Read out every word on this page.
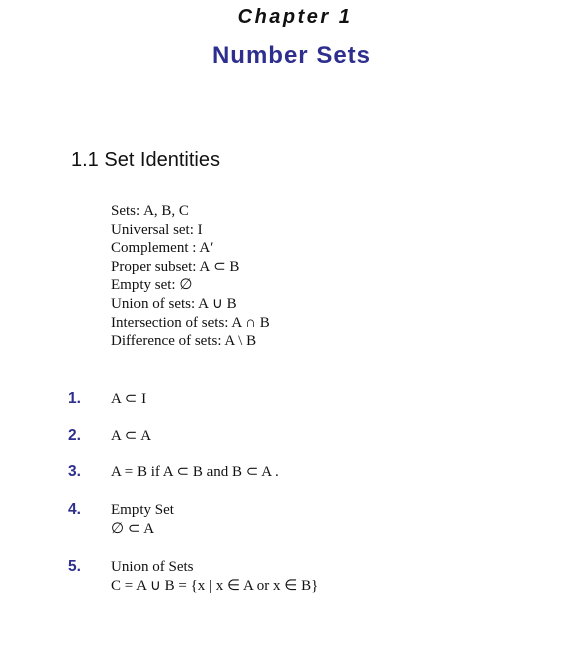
Chapter 1
Number Sets
1.1 Set Identities
Sets: A, B, C
Universal set: I
Complement : A′
Proper subset: A ⊂ B
Empty set: ∅
Union of sets: A ∪ B
Intersection of sets: A ∩ B
Difference of sets: A \ B
1. A ⊂ I
2. A ⊂ A
3. A = B if A ⊂ B and B ⊂ A .
4. Empty Set
∅ ⊂ A
5. Union of Sets
C = A ∪ B = {x | x ∈ A or x ∈ B}
